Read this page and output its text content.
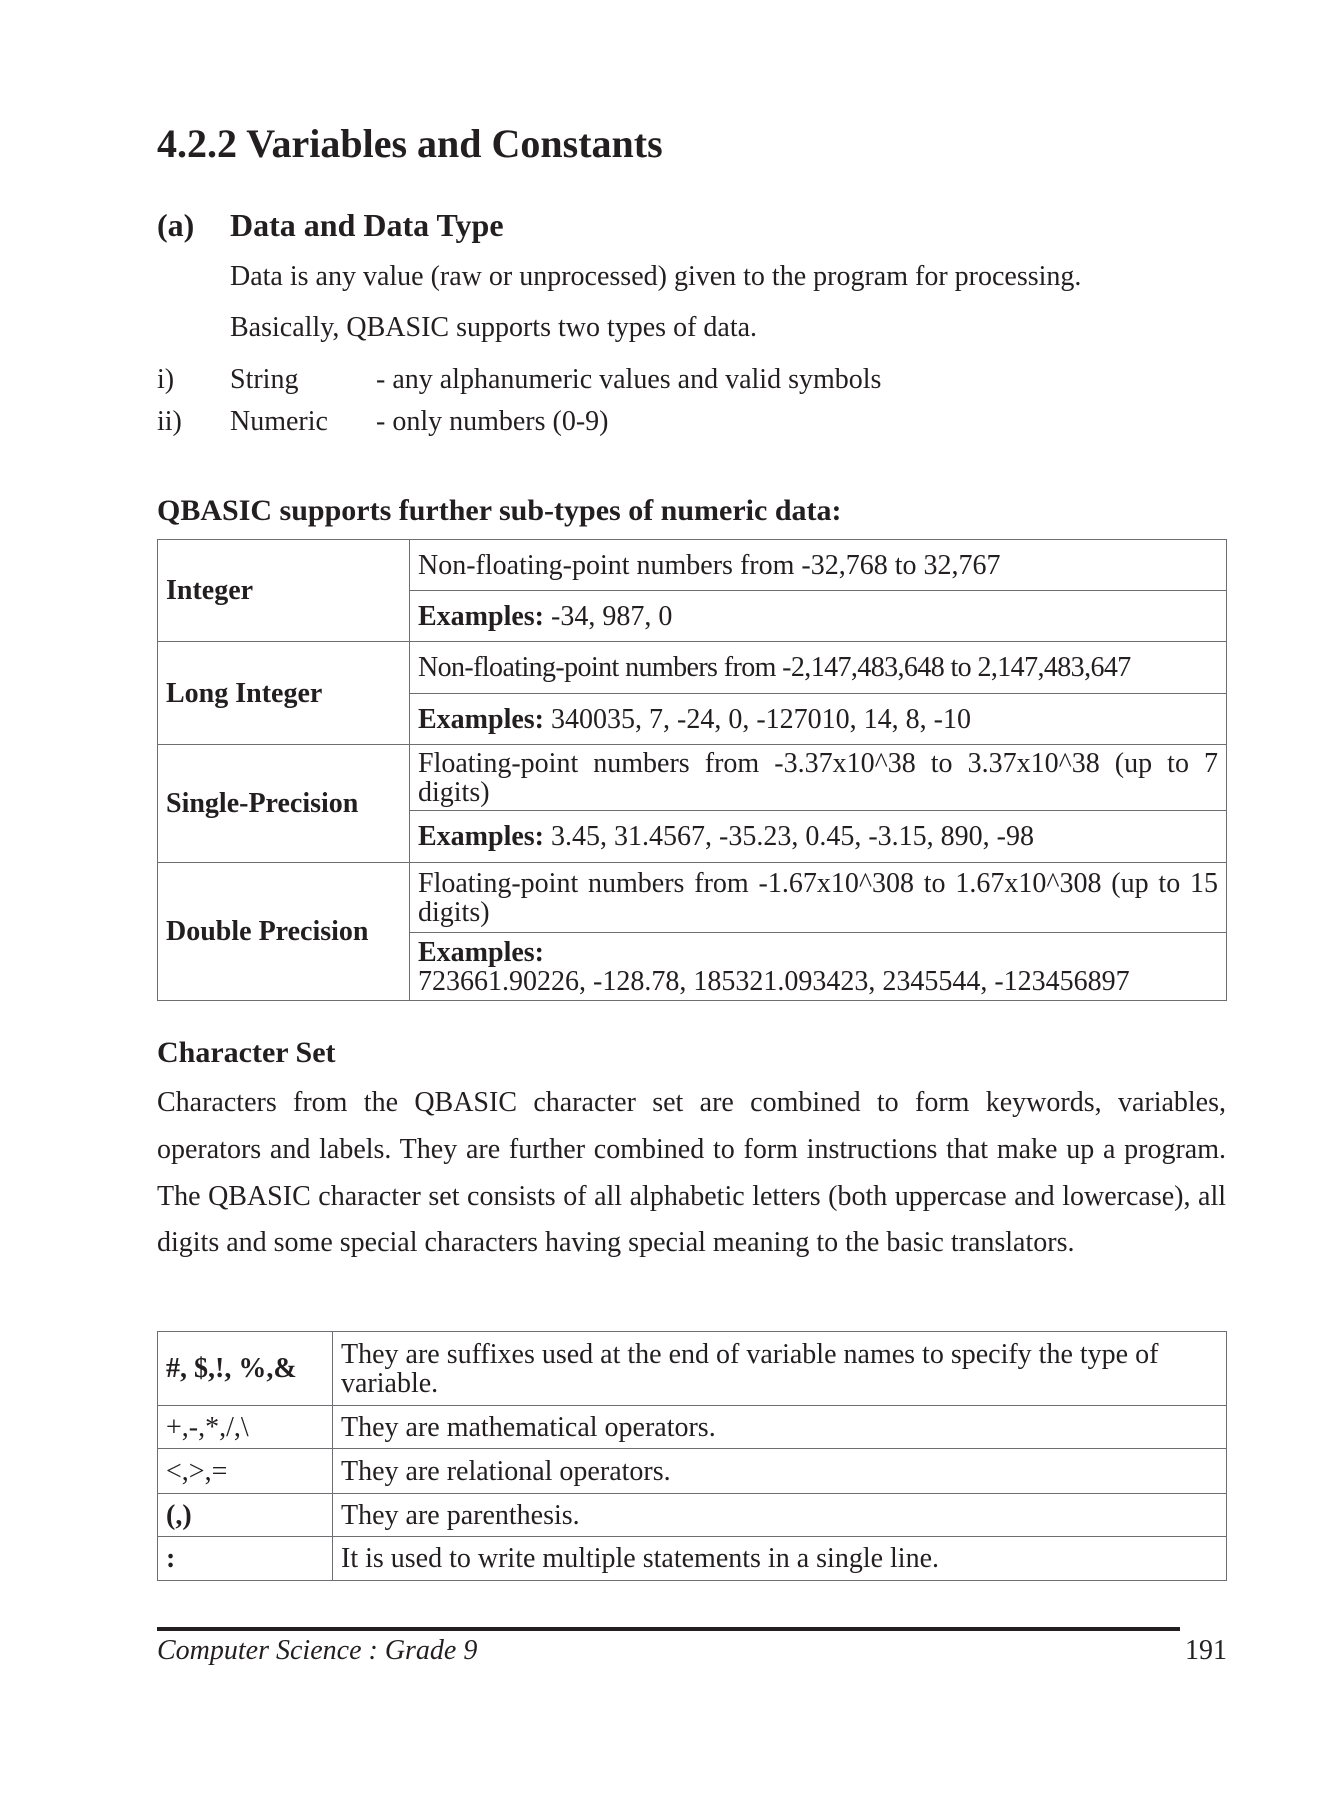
4.2.2 Variables and Constants
(a) Data and Data Type
Data is any value (raw or unprocessed) given to the program for processing.
Basically, QBASIC supports two types of data.
i) String	- any alphanumeric values and valid symbols
ii) Numeric - only numbers (0-9)
QBASIC supports further sub-types of numeric data:
Integer	Non-floating-point numbers from -32,768 to 32,767
	Examples: -34, 987, 0
Long Integer	Non-floating-point numbers from -2,147,483,648 to 2,147,483,647
	Examples: 340035, 7, -24, 0, -127010, 14, 8, -10
Single-Precision	Floating-point numbers from -3.37x10^38 to 3.37x10^38 (up to 7 digits)
	Examples: 3.45, 31.4567, -35.23, 0.45, -3.15, 890, -98
Double Precision	Floating-point numbers from -1.67x10^308 to 1.67x10^308 (up to 15 digits)

	Examples:
723661.90226, -128.78, 185321.093423, 2345544, -123456897
Character Set
Characters from the QBASIC character set are combined to form keywords, variables, operators and labels. They are further combined to form instructions that make up a program. The QBASIC character set consists of all alphabetic letters (both uppercase and lowercase), all digits and some special characters having special meaning to the basic translators.
#, $,!, %,&	They are suffixes used at the end of variable names to specify the type of variable.
+,-,*,/,\	They are mathematical operators.
<,>,=	They are relational operators.
(,)	They are parenthesis.
:	It is used to write multiple statements in a single line.
Computer Science : Grade 9	191
